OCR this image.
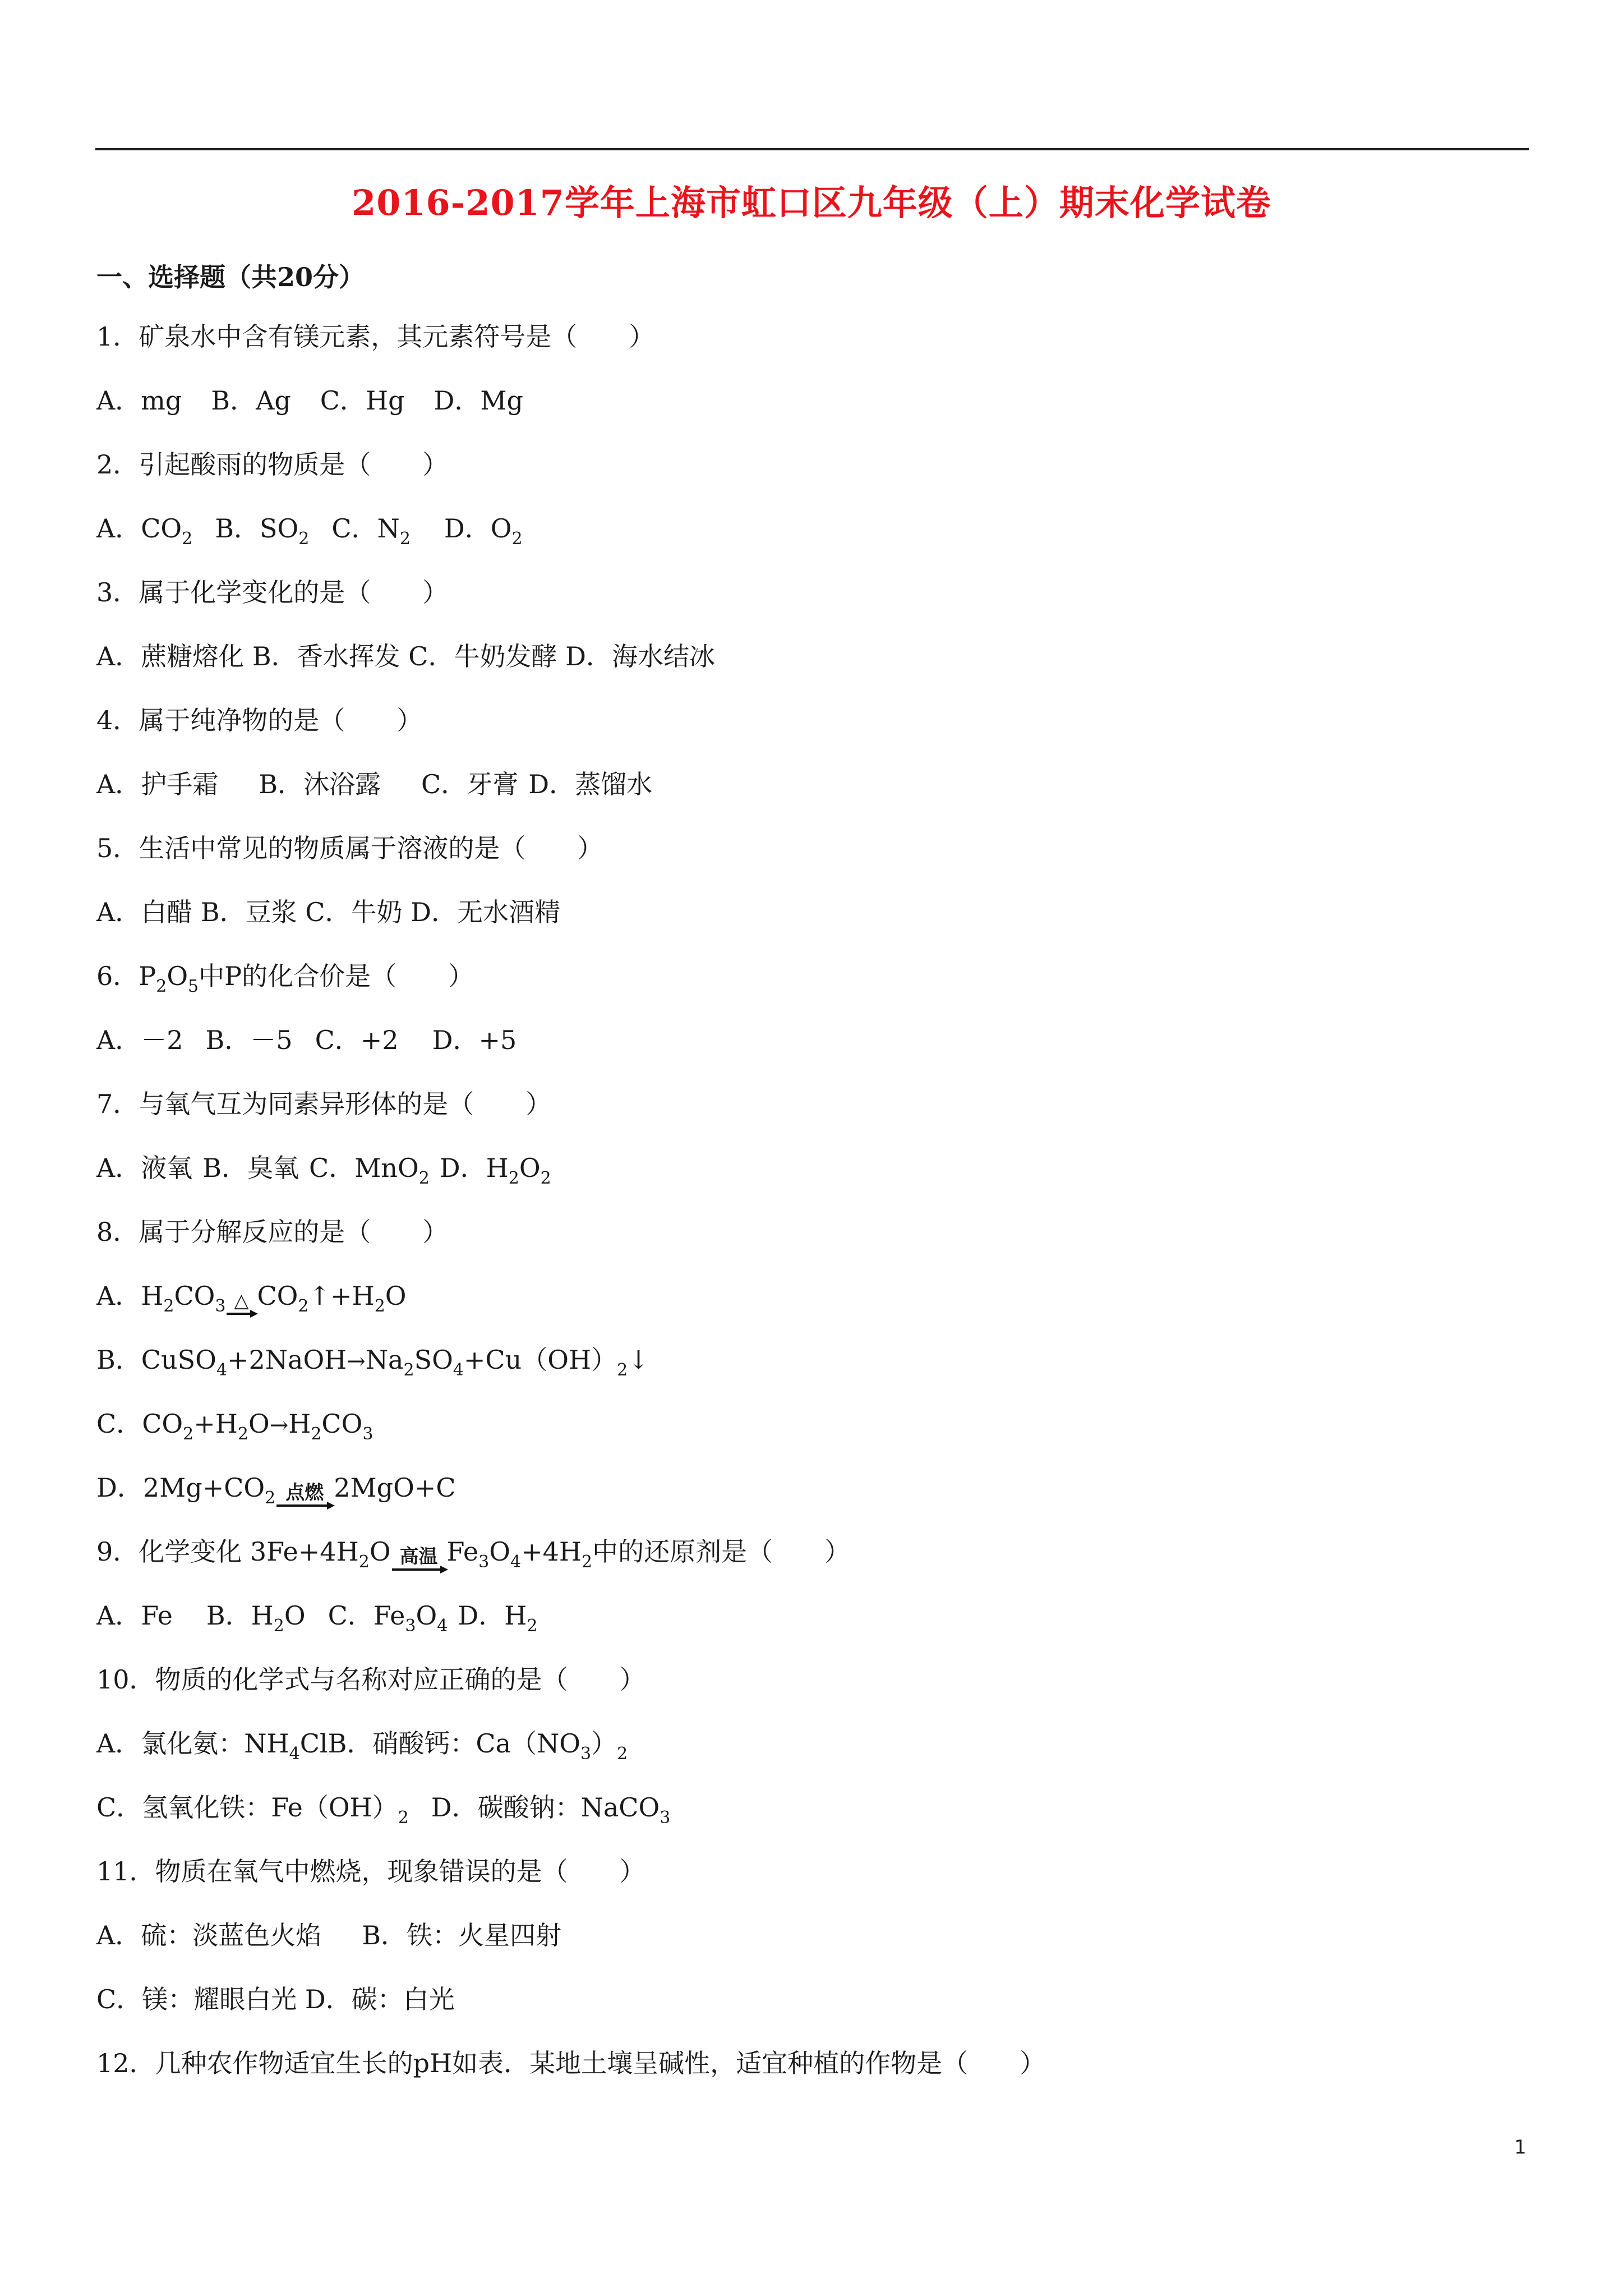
2016-2017学年上海市虹口区九年级（上）期末化学试卷
一、选择题（共20分）
1．矿泉水中含有镁元素，其元素符号是（　　）
A．mg B．Ag C．Hg D．Mg
2．引起酸雨的物质是（　　）
A．$CO_2$ B．$SO_2$ C．$N_2$ D．$O_2$
3．属于化学变化的是（　　）
A．蔗糖熔化 B．香水挥发 C．牛奶发酵 D．海水结冰
4．属于纯净物的是（　　）
A．护手霜 B．沐浴露 C．牙膏 D．蒸馏水
5．生活中常见的物质属于溶液的是（　　）
A．白醋 B．豆浆 C．牛奶 D．无水酒精
6．$P_2O_5$中P的化合价是（　　）
A．－2 B．－5 C．+2 D．+5
7．与氧气互为同素异形体的是（　　）
A．液氧 B．臭氧 C．MnO$_2$ D．$H_2O_2$
8．属于分解反应的是（　　）
A．$H_2CO_3$ △ $CO_2↑+H_2O$
B．$CuSO_4+2NaOH\to Na_2SO_4+Cu(OH)_2↓$
C．$CO_2+H_2O\to H_2CO_3$
D．$2Mg+CO_2$ 点燃 2MgO+C
9．化学变化 $3Fe+4H_2O$ 高温 $Fe_3O_4+4H_2$中的还原剂是（　　）
A．Fe B．$H_2O$ C．$Fe_3O_4$ D．$H_2$
10．物质的化学式与名称对应正确的是（　　）
A．氯化氨：$NH_4ClB$．硝酸钙：$Ca(NO_3)_2$
C．氢氧化铁：$Fe(OH)_2$ D．碳酸钠：NaCO$_3$
11．物质在氧气中燃烧，现象错误的是（　　）
A．硫：淡蓝色火焰 B．铁：火星四射
C．镁：耀眼白光 D．碳：白光
12．几种农作物适宜生长的pH如表．某地土壤呈碱性，适宜种植的作物是（　　）
1
